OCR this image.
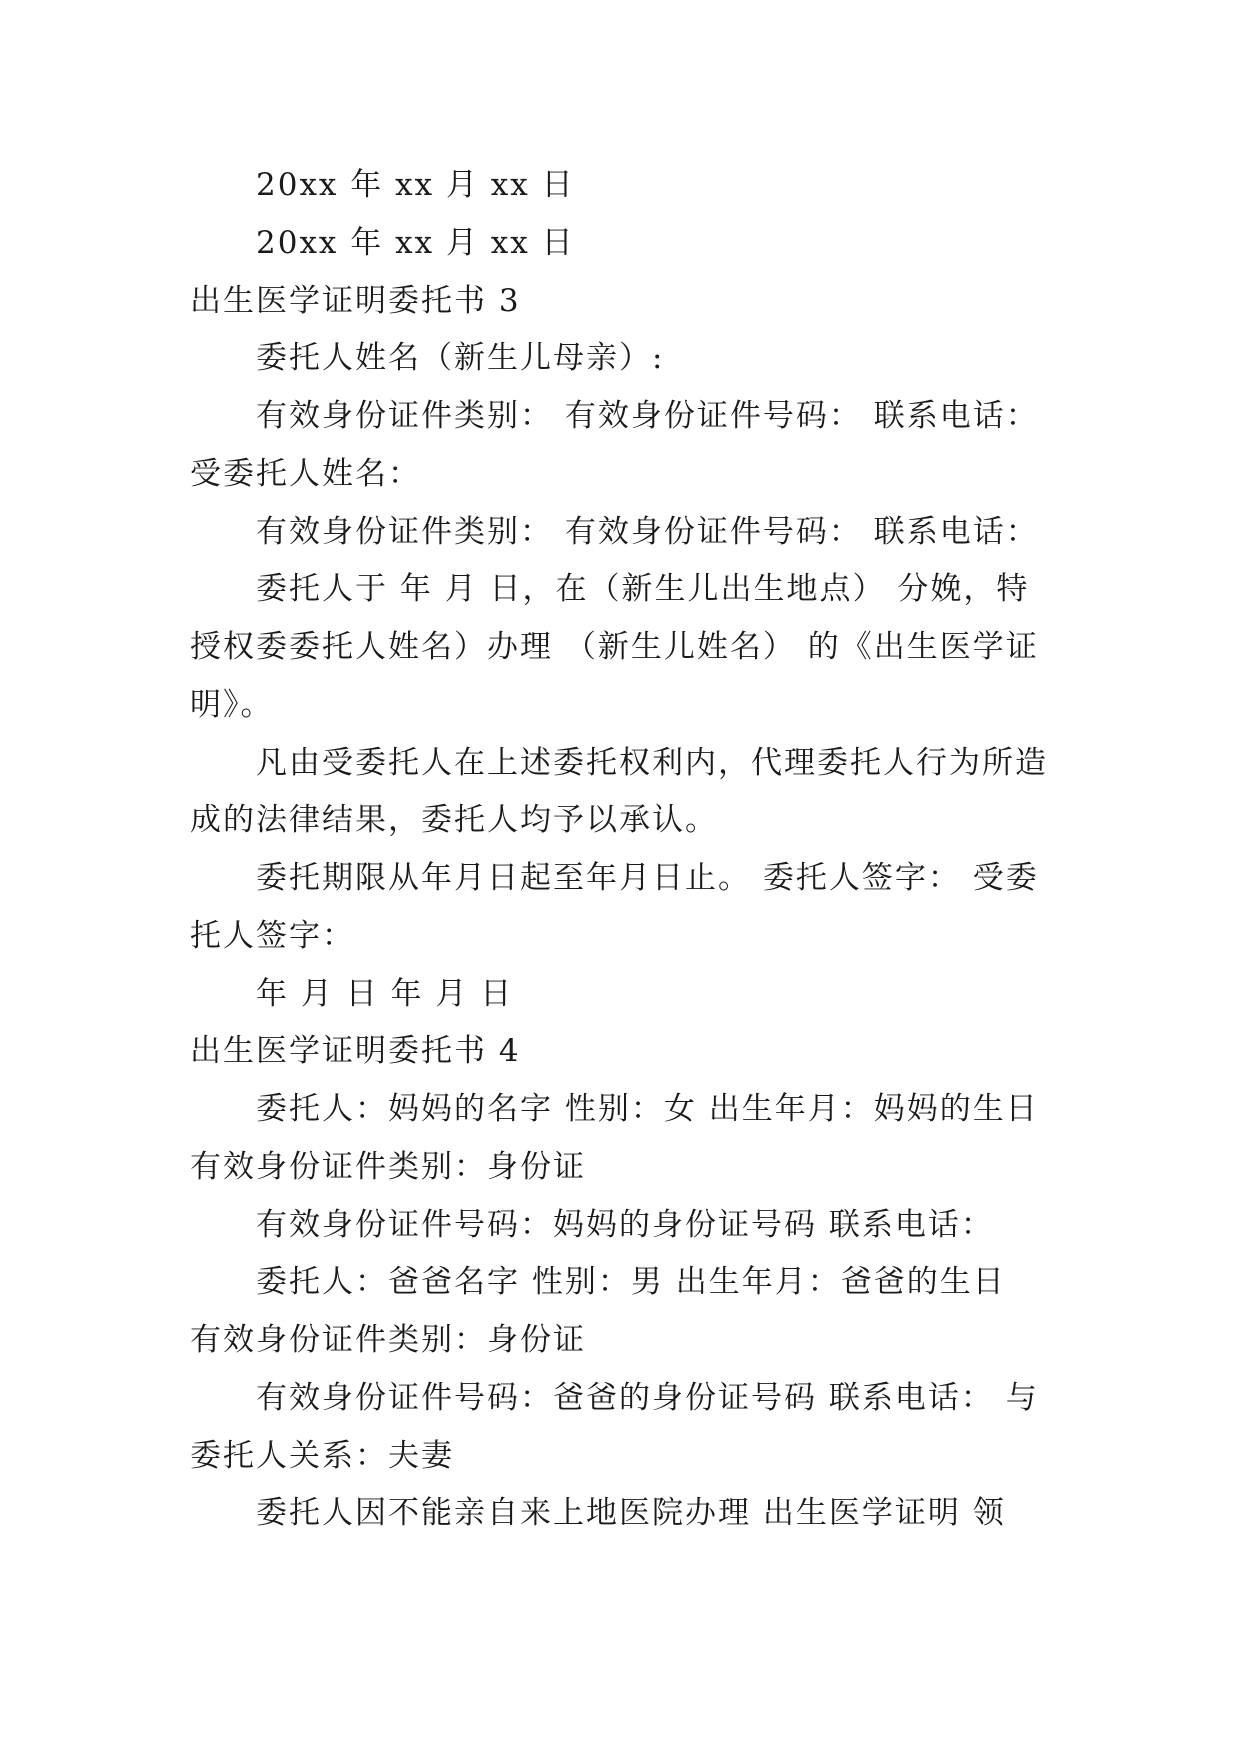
20xx 年 xx 月 xx 日
20xx 年 xx 月 xx 日
出生医学证明委托书 3
委托人姓名（新生儿母亲）:
有效身份证件类别： 有效身份证件号码： 联系电话：
受委托人姓名：
有效身份证件类别： 有效身份证件号码： 联系电话：
委托人于 年 月 日，在（新生儿出生地点） 分娩，特
授权委委托人姓名）办理 （新生儿姓名） 的《出生医学证
明》。
凡由受委托人在上述委托权利内，代理委托人行为所造
成的法律结果，委托人均予以承认。
委托期限从年月日起至年月日止。 委托人签字： 受委
托人签字：
年 月 日 年 月 日
出生医学证明委托书 4
委托人：妈妈的名字 性别：女 出生年月：妈妈的生日
有效身份证件类别：身份证
有效身份证件号码：妈妈的身份证号码 联系电话：
委托人：爸爸名字 性别：男 出生年月：爸爸的生日
有效身份证件类别：身份证
有效身份证件号码：爸爸的身份证号码 联系电话： 与
委托人关系：夫妻
委托人因不能亲自来上地医院办理 出生医学证明 领
